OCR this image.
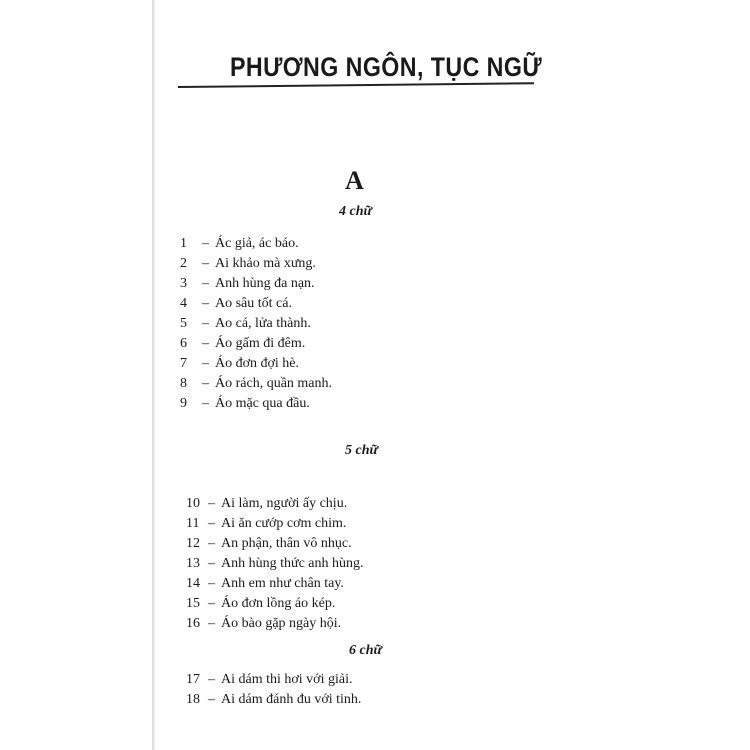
PHƯƠNG NGÔN, TỤC NGỮ
A
4 chữ
1 – Ác giả, ác báo.
2 – Ai khảo mà xưng.
3 – Anh hùng đa nạn.
4 – Ao sâu tốt cá.
5 – Ao cá, lửa thành.
6 – Áo gấm đi đêm.
7 – Áo đơn đợi hè.
8 – Áo rách, quần manh.
9 – Áo mặc qua đầu.
5 chữ
10 – Ai làm, người ấy chịu.
11 – Ai ăn cướp cơm chim.
12 – An phận, thân vô nhục.
13 – Anh hùng thức anh hùng.
14 – Anh em như chân tay.
15 – Áo đơn lồng áo kép.
16 – Áo bào gặp ngày hội.
6 chữ
17 – Ai dám thi hơi với giải.
18 – Ai dám đánh đu với tinh.
